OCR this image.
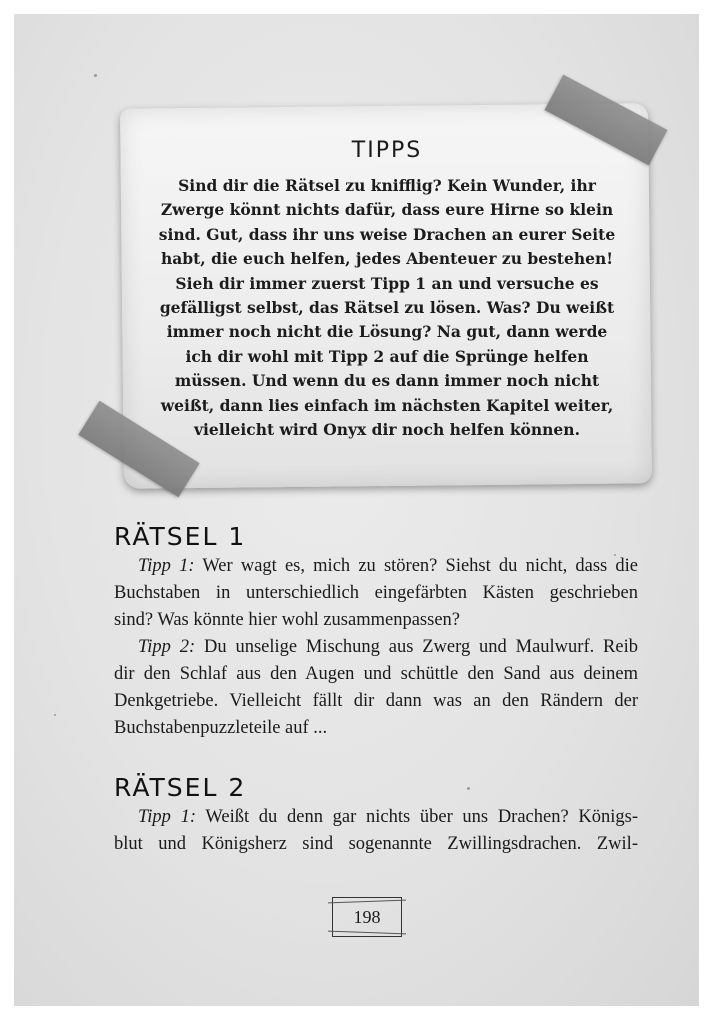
TIPPS
Sind dir die Rätsel zu knifflig? Kein Wunder, ihr
Zwerge könnt nichts dafür, dass eure Hirne so klein
sind. Gut, dass ihr uns weise Drachen an eurer Seite
habt, die euch helfen, jedes Abenteuer zu bestehen!
Sieh dir immer zuerst Tipp 1 an und versuche es
gefälligst selbst, das Rätsel zu lösen. Was? Du weißt
immer noch nicht die Lösung? Na gut, dann werde
ich dir wohl mit Tipp 2 auf die Sprünge helfen
müssen. Und wenn du es dann immer noch nicht
weißt, dann lies einfach im nächsten Kapitel weiter,
vielleicht wird Onyx dir noch helfen können.
RÄTSEL 1
Tipp 1: Wer wagt es, mich zu stören? Siehst du nicht, dass die
Buchstaben in unterschiedlich eingefärbten Kästen geschrieben
sind? Was könnte hier wohl zusammenpassen?
Tipp 2: Du unselige Mischung aus Zwerg und Maulwurf. Reib
dir den Schlaf aus den Augen und schüttle den Sand aus deinem
Denkgetriebe. Vielleicht fällt dir dann was an den Rändern der
Buchstabenpuzzleteile auf ...
RÄTSEL 2
Tipp 1: Weißt du denn gar nichts über uns Drachen? Königs-
blut und Königsherz sind sogenannte Zwillingsdrachen. Zwil-
198
